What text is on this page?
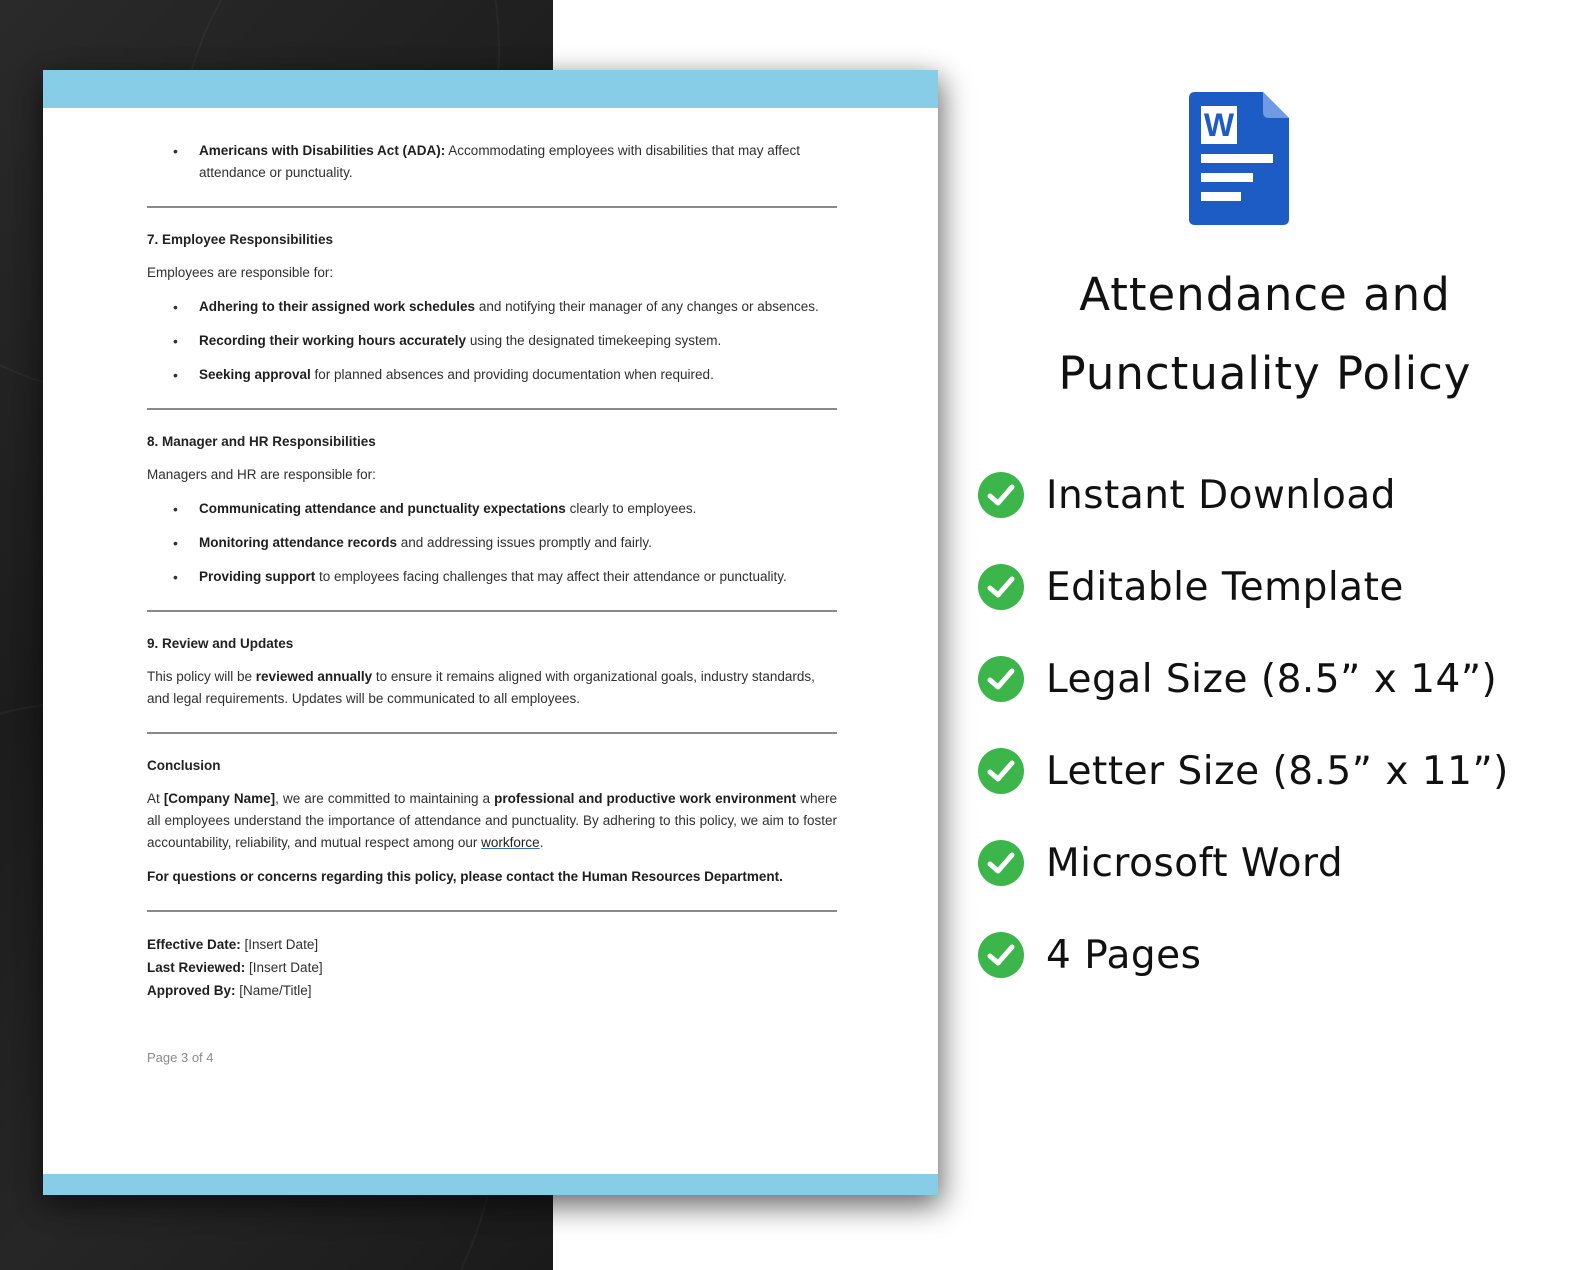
• Americans with Disabilities Act (ADA): Accommodating employees with disabilities that may affect attendance or punctuality.
7. Employee Responsibilities
Employees are responsible for:
• Adhering to their assigned work schedules and notifying their manager of any changes or absences.
• Recording their working hours accurately using the designated timekeeping system.
• Seeking approval for planned absences and providing documentation when required.
8. Manager and HR Responsibilities
Managers and HR are responsible for:
• Communicating attendance and punctuality expectations clearly to employees.
• Monitoring attendance records and addressing issues promptly and fairly.
• Providing support to employees facing challenges that may affect their attendance or punctuality.
9. Review and Updates
This policy will be reviewed annually to ensure it remains aligned with organizational goals, industry standards, and legal requirements. Updates will be communicated to all employees.
Conclusion
At [Company Name], we are committed to maintaining a professional and productive work environment where all employees understand the importance of attendance and punctuality. By adhering to this policy, we aim to foster accountability, reliability, and mutual respect among our workforce.
For questions or concerns regarding this policy, please contact the Human Resources Department.
Effective Date: [Insert Date]
Last Reviewed: [Insert Date]
Approved By: [Name/Title]
Page 3 of 4
W
Attendance and
Punctuality Policy
Instant Download
Editable Template
Legal Size (8.5” x 14”)
Letter Size (8.5” x 11”)
Microsoft Word
4 Pages
